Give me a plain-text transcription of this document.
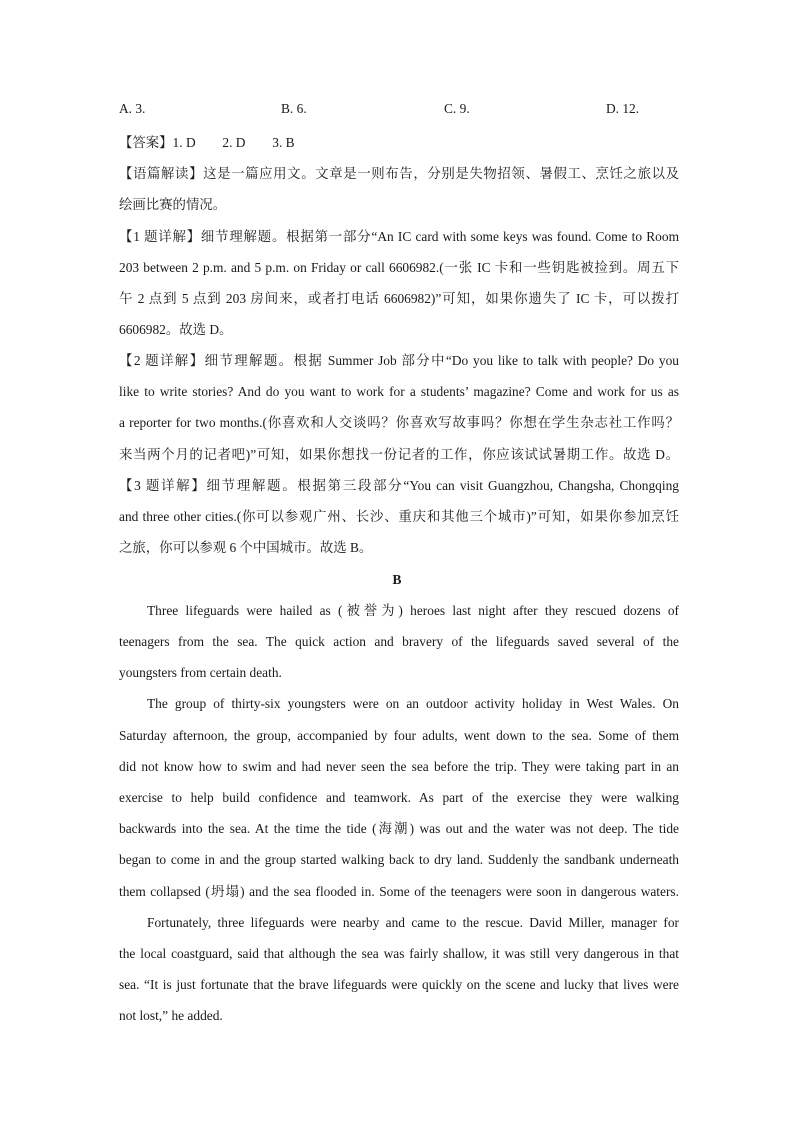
A. 3.	B. 6.	C. 9.	D. 12.
【答案】1. D        2. D        3. B
【语篇解读】这是一篇应用文。文章是一则布告，分别是失物招领、暑假工、烹饪之旅以及
绘画比赛的情况。
【1 题详解】细节理解题。根据第一部分“An IC card with some keys was found. Come to Room
203 between 2 p.m. and 5 p.m. on Friday or call 6606982.(一张 IC 卡和一些钥匙被捡到。周五下
午 2 点到 5 点到 203 房间来，或者打电话 6606982)”可知，如果你遗失了 IC 卡，可以拨打
6606982。故选 D。
【2 题详解】细节理解题。根据 Summer Job 部分中“Do you like to talk with people? Do you
like to write stories? And do you want to work for a students’ magazine? Come and work for us as
a reporter for two months.(你喜欢和人交谈吗？你喜欢写故事吗？你想在学生杂志社工作吗？
来当两个月的记者吧)”可知，如果你想找一份记者的工作，你应该试试暑期工作。故选 D。
【3 题详解】细节理解题。根据第三段部分“You can visit Guangzhou, Changsha, Chongqing
and three other cities.(你可以参观广州、长沙、重庆和其他三个城市)”可知，如果你参加烹饪
之旅，你可以参观 6 个中国城市。故选 B。
B
Three lifeguards were hailed as (被誉为) heroes last night after they rescued dozens of
teenagers from the sea. The quick action and bravery of the lifeguards saved several of the
youngsters from certain death.
The group of thirty-six youngsters were on an outdoor activity holiday in West Wales. On
Saturday afternoon, the group, accompanied by four adults, went down to the sea. Some of them
did not know how to swim and had never seen the sea before the trip. They were taking part in an
exercise to help build confidence and teamwork. As part of the exercise they were walking
backwards into the sea. At the time the tide (海潮) was out and the water was not deep. The tide
began to come in and the group started walking back to dry land. Suddenly the sandbank underneath
them collapsed (坍塌) and the sea flooded in. Some of the teenagers were soon in dangerous waters.
Fortunately, three lifeguards were nearby and came to the rescue. David Miller, manager for
the local coastguard, said that although the sea was fairly shallow, it was still very dangerous in that
sea. “It is just fortunate that the brave lifeguards were quickly on the scene and lucky that lives were
not lost,” he added.
